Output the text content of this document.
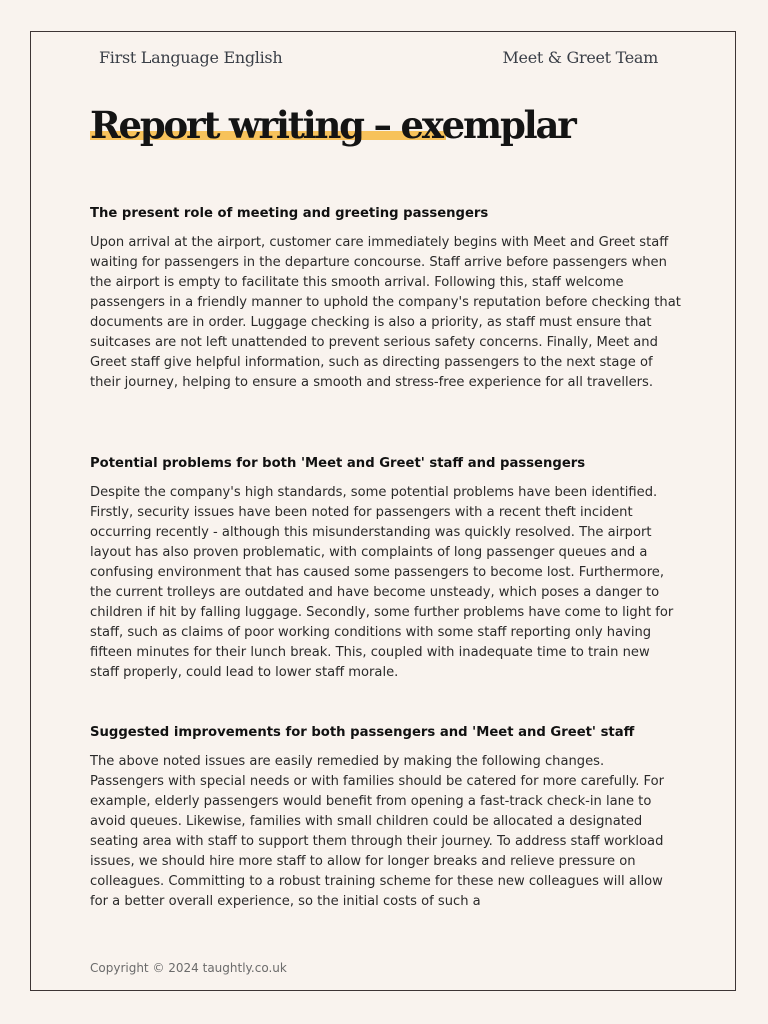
First Language English	Meet & Greet Team
Report writing – exemplar
The present role of meeting and greeting passengers

Upon arrival at the airport, customer care immediately begins with Meet and Greet staff waiting for passengers in the departure concourse. Staff arrive before passengers when the airport is empty to facilitate this smooth arrival. Following this, staff welcome passengers in a friendly manner to uphold the company's reputation before checking that documents are in order. Luggage checking is also a priority, as staff must ensure that suitcases are not left unattended to prevent serious safety concerns. Finally, Meet and Greet staff give helpful information, such as directing passengers to the next stage of their journey, helping to ensure a smooth and stress-free experience for all travellers.

Potential problems for both 'Meet and Greet' staff and passengers

Despite the company's high standards, some potential problems have been identified. Firstly, security issues have been noted for passengers with a recent theft incident occurring recently - although this misunderstanding was quickly resolved. The airport layout has also proven problematic, with complaints of long passenger queues and a confusing environment that has caused some passengers to become lost. Furthermore, the current trolleys are outdated and have become unsteady, which poses a danger to children if hit by falling luggage. Secondly, some further problems have come to light for staff, such as claims of poor working conditions with some staff reporting only having fifteen minutes for their lunch break. This, coupled with inadequate time to train new staff properly, could lead to lower staff morale.

Suggested improvements for both passengers and 'Meet and Greet' staff

The above noted issues are easily remedied by making the following changes. Passengers with special needs or with families should be catered for more carefully. For example, elderly passengers would benefit from opening a fast-track check-in lane to avoid queues. Likewise, families with small children could be allocated a designated seating area with staff to support them through their journey. To address staff workload issues, we should hire more staff to allow for longer breaks and relieve pressure on colleagues. Committing to a robust training scheme for these new colleagues will allow for a better overall experience, so the initial costs of such a

Copyright © 2024 taughtly.co.uk
